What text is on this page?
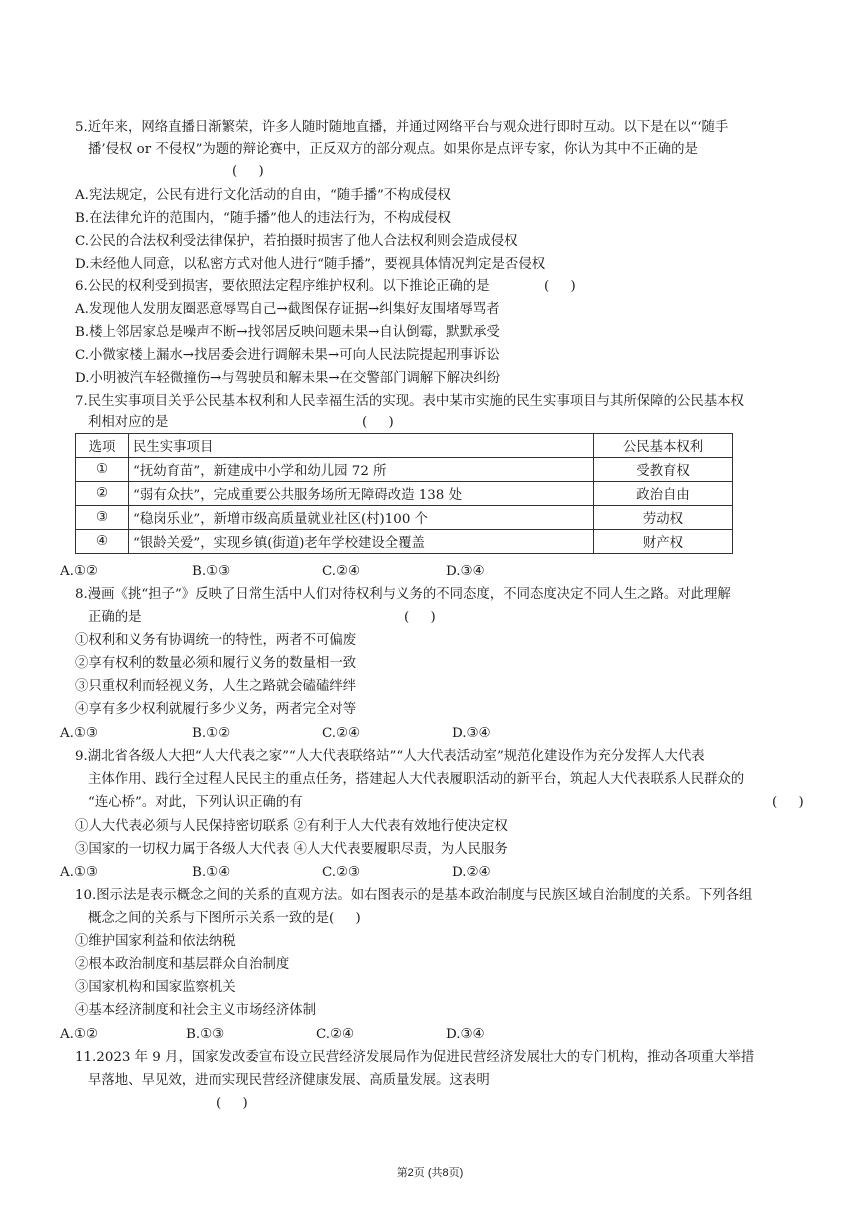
5.近年来，网络直播日渐繁荣，许多人随时随地直播，并通过网络平台与观众进行即时互动。以下是在以“‘随手
播’侵权 or 不侵权”为题的辩论赛中，正反双方的部分观点。如果你是点评专家，你认为其中不正确的是
(     )
A.宪法规定，公民有进行文化活动的自由，“随手播”不构成侵权
B.在法律允许的范围内，“随手播”他人的违法行为，不构成侵权
C.公民的合法权利受法律保护，若拍摄时损害了他人合法权利则会造成侵权
D.未经他人同意，以私密方式对他人进行“随手播”，要视具体情况判定是否侵权
6.公民的权利受到损害，要依照法定程序维护权利。以下推论正确的是	(     )
A.发现他人发朋友圈恶意辱骂自己→截图保存证据→纠集好友围堵辱骂者
B.楼上邻居家总是噪声不断→找邻居反映问题未果→自认倒霉，默默承受
C.小微家楼上漏水→找居委会进行调解未果→可向人民法院提起刑事诉讼
D.小明被汽车轻微撞伤→与驾驶员和解未果→在交警部门调解下解决纠纷
7.民生实事项目关乎公民基本权利和人民幸福生活的实现。表中某市实施的民生实事项目与其所保障的公民基本权
利相对应的是	(     )
选项	民生实事项目	公民基本权利
①	“抚幼育苗”，新建成中小学和幼儿园 72 所	受教育权
②	“弱有众扶”，完成重要公共服务场所无障碍改造 138 处	政治自由
③	“稳岗乐业”，新增市级高质量就业社区(村)100 个	劳动权
④	“银龄关爱”，实现乡镇(街道)老年学校建设全覆盖	财产权
A.①②	B.①③	C.②④	D.③④
8.漫画《挑“担子”》反映了日常生活中人们对待权利与义务的不同态度，不同态度决定不同人生之路。对此理解
正确的是	(     )
①权利和义务有协调统一的特性，两者不可偏废
②享有权利的数量必须和履行义务的数量相一致
③只重权利而轻视义务，人生之路就会磕磕绊绊
④享有多少权利就履行多少义务，两者完全对等
A.①③	B.①②	C.②④	D.③④
9.湖北省各级人大把“人大代表之家”“人大代表联络站”“人大代表活动室”规范化建设作为充分发挥人大代表
主体作用、践行全过程人民民主的重点任务，搭建起人大代表履职活动的新平台，筑起人大代表联系人民群众的
“连心桥”。对此，下列认识正确的有	(     )
①人大代表必须与人民保持密切联系 ②有利于人大代表有效地行使决定权
③国家的一切权力属于各级人大代表 ④人大代表要履职尽责，为人民服务
A.①③	B.①④	C.②③	D.②④
10.图示法是表示概念之间的关系的直观方法。如右图表示的是基本政治制度与民族区域自治制度的关系。下列各组
概念之间的关系与下图所示关系一致的是(     )
①维护国家利益和依法纳税
②根本政治制度和基层群众自治制度
③国家机构和国家监察机关
④基本经济制度和社会主义市场经济体制
A.①②	B.①③	C.②④	D.③④
11.2023 年 9 月，国家发改委宣布设立民营经济发展局作为促进民营经济发展壮大的专门机构，推动各项重大举措
早落地、早见效，进而实现民营经济健康发展、高质量发展。这表明
(     )
第2页 (共8页)
